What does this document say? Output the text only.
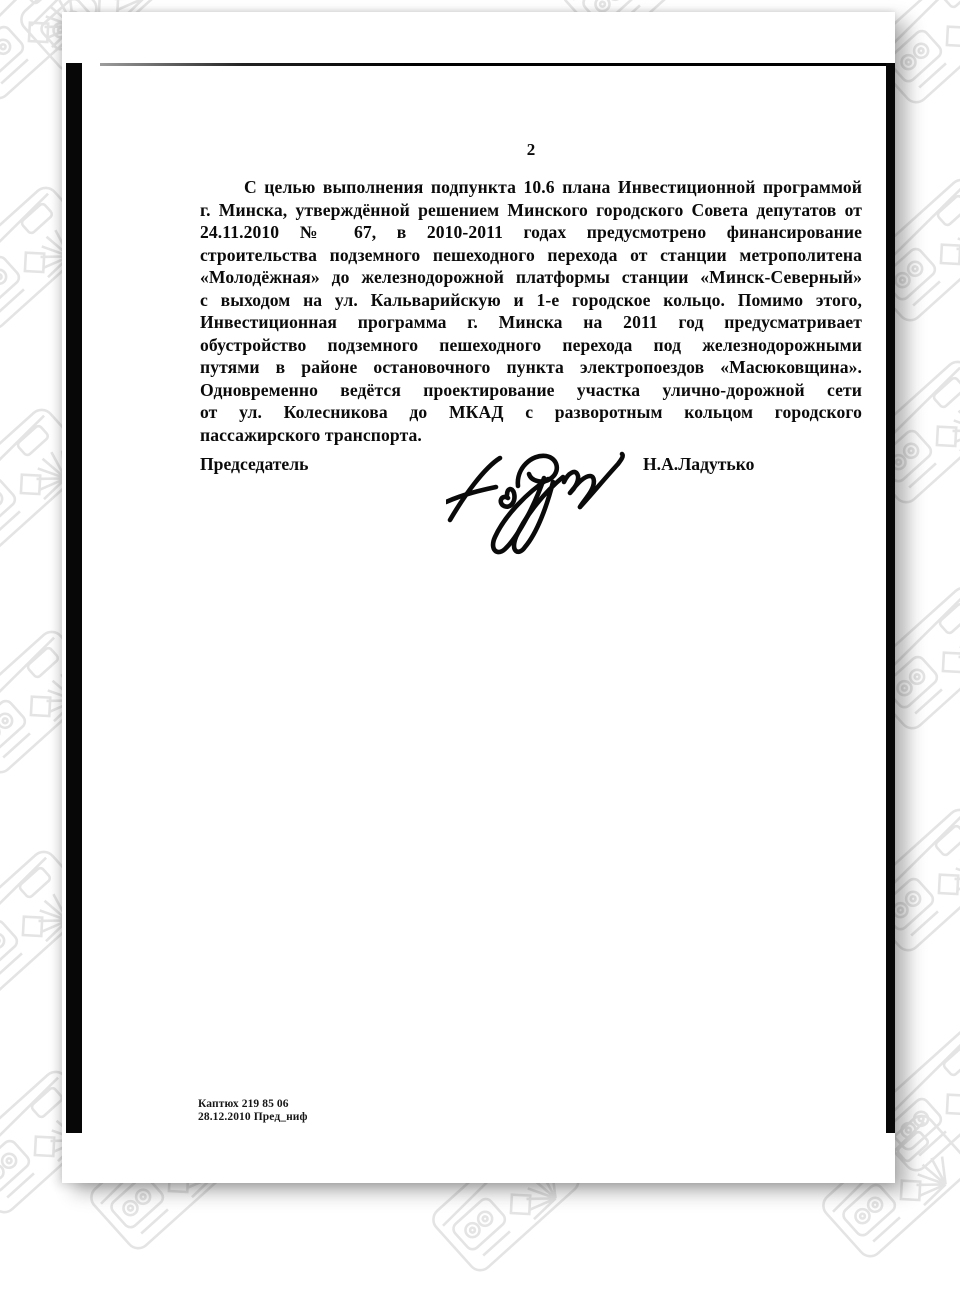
2
С целью выполнения подпункта 10.6 плана Инвестиционной программой
г. Минска, утверждённой решением Минского городского Совета депутатов от
24.11.2010 № 67, в 2010-2011 годах предусмотрено финансирование
строительства подземного пешеходного перехода от станции метрополитена
«Молодёжная» до железнодорожной платформы станции «Минск-Северный»
с выходом на ул. Кальварийскую и 1-е городское кольцо. Помимо этого,
Инвестиционная программа г. Минска на 2011 год предусматривает
обустройство подземного пешеходного перехода под железнодорожными
путями в районе остановочного пункта электропоездов «Масюковщина».
Одновременно ведётся проектирование участка улично-дорожной сети
от ул. Колесникова до МКАД с разворотным кольцом городского
пассажирского транспорта.
Председатель	Н.А.Ладутько
Каптюх 219 85 06
28.12.2010 Пред_ниф
